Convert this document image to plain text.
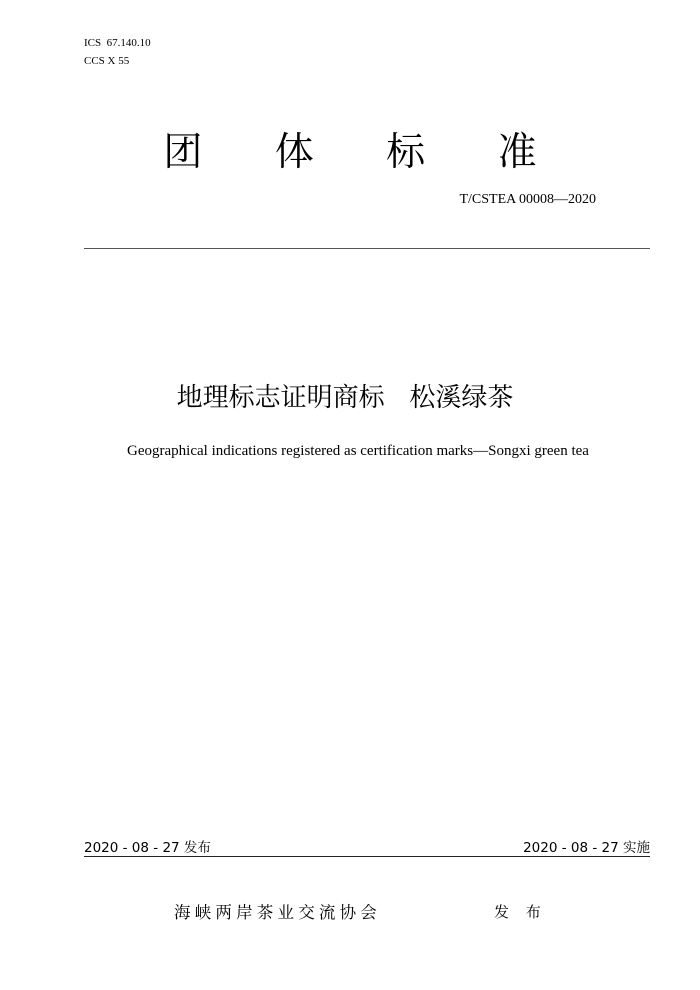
ICS  67.140.10
CCS X 55
团 体 标 准
T/CSTEA 00008—2020
地理标志证明商标   松溪绿茶
Geographical indications registered as certification marks—Songxi green tea
2020 - 08 - 27 发布	2020 - 08 - 27 实施
海峡两岸茶业交流协会	发 布
